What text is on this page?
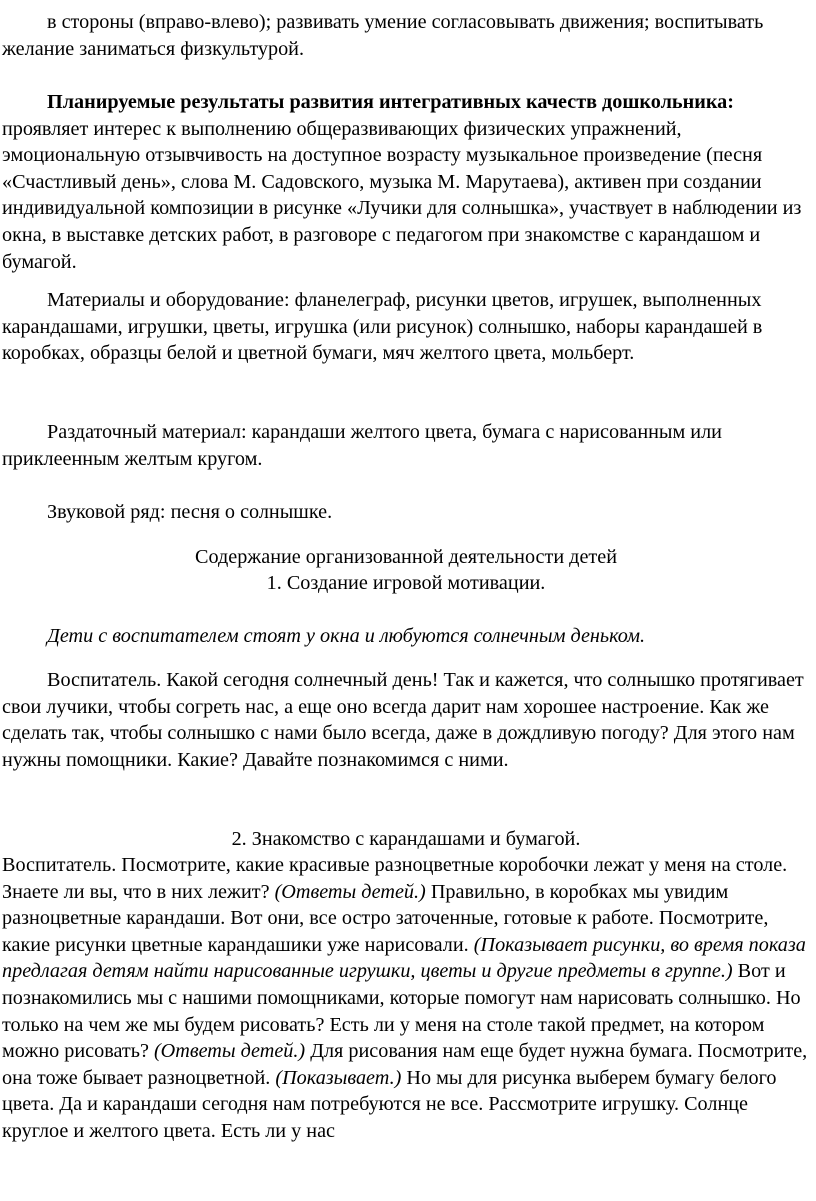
в стороны (вправо-влево); развивать умение согласовывать движения; воспитывать желание заниматься физкультурой.

Планируемые результаты развития интегративных качеств дошкольника: проявляет интерес к выполнению общеразвивающих физических упражнений, эмоциональную отзывчивость на доступное возрасту музыкальное произведение (песня «Счастливый день», слова М. Садовского, музыка М. Марутаева), активен при создании индивидуальной композиции в рисунке «Лучики для солнышка», участвует в наблюдении из окна, в выставке детских работ, в разговоре с педагогом при знакомстве с карандашом и бумагой.

Материалы и оборудование: фланелеграф, рисунки цветов, игрушек, выполненных карандашами, игрушки, цветы, игрушка (или рисунок) солнышко, наборы карандашей в коробках, образцы белой и цветной бумаги, мяч желтого цвета, мольберт.

Раздаточный материал: карандаши желтого цвета, бумага с нарисованным или приклеенным желтым кругом.

Звуковой ряд: песня о солнышке.

Содержание организованной деятельности детей

1. Создание игровой мотивации.

Дети с воспитателем стоят у окна и любуются солнечным деньком.

Воспитатель. Какой сегодня солнечный день! Так и кажется, что солнышко протягивает свои лучики, чтобы согреть нас, а еще оно всегда дарит нам хорошее настроение. Как же сделать так, чтобы солнышко с нами было всегда, даже в дождливую погоду? Для этого нам нужны помощники. Какие? Давайте познакомимся с ними.

2. Знакомство с карандашами и бумагой.

Воспитатель. Посмотрите, какие красивые разноцветные коробочки лежат у меня на столе. Знаете ли вы, что в них лежит? (Ответы детей.) Правильно, в коробках мы увидим разноцветные карандаши. Вот они, все остро заточенные, готовые к работе. Посмотрите, какие рисунки цветные карандашики уже нарисовали. (Показывает рисунки, во время показа предлагая детям найти нарисованные игрушки, цветы и другие предметы в группе.) Вот и познакомились мы с нашими помощниками, которые помогут нам нарисовать солнышко. Но только на чем же мы будем рисовать? Есть ли у меня на столе такой предмет, на котором можно рисовать? (Ответы детей.) Для рисования нам еще будет нужна бумага. Посмотрите, она тоже бывает разноцветной. (Показывает.) Но мы для рисунка выберем бумагу белого цвета. Да и карандаши сегодня нам потребуются не все. Рассмотрите игрушку. Солнце круглое и желтого цвета. Есть ли у нас
